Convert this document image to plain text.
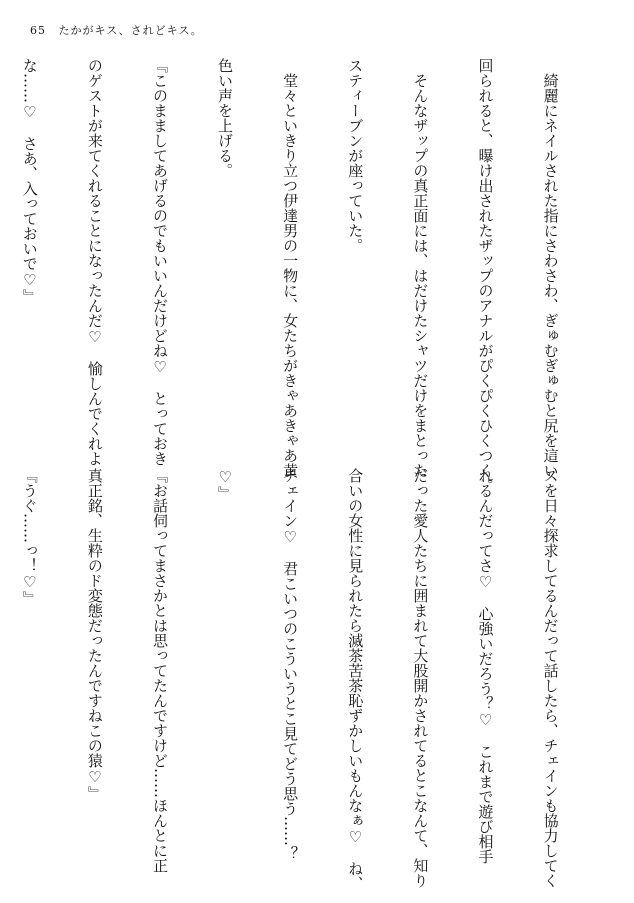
65 たかがキス、されどキス。

　綺麗にネイルされた指にさわさわ、ぎゅむぎゅむと尻を這い

回られると、曝け出されたザップのアナルがぴくぴくひくつく。

　そんなザップの真正面には、はだけたシャツだけをまとった

スティーブンが座っていた。

　堂々といきり立つ伊達男の一物に、女たちがきゃあきゃあ黄

色い声を上げる。

『このまましてあげるのでもいいんだけどね♡　とっておき

のゲストが来てくれることになったんだ♡　愉しんでくれよ

な……♡　さあ、入っておいで♡』

スを日々探求してるんだって話したら、チェインも協力してく

れるんだってさ♡　心強いだろう？♡　これまで遊び相手

だった愛人たちに囲まれて大股開かされてるとこなんて、知り

合いの女性に見られたら滅茶苦茶恥ずかしいもんなぁ♡　ね、

チェイン♡　君こいつのこういうとこ見てどう思う……？

♡』

『お話伺ってまさかとは思ってたんですけど……ほんとに正

真正銘、生粋のド変態だったんですねこの猿♡』

『うぐ……っ！♡』
